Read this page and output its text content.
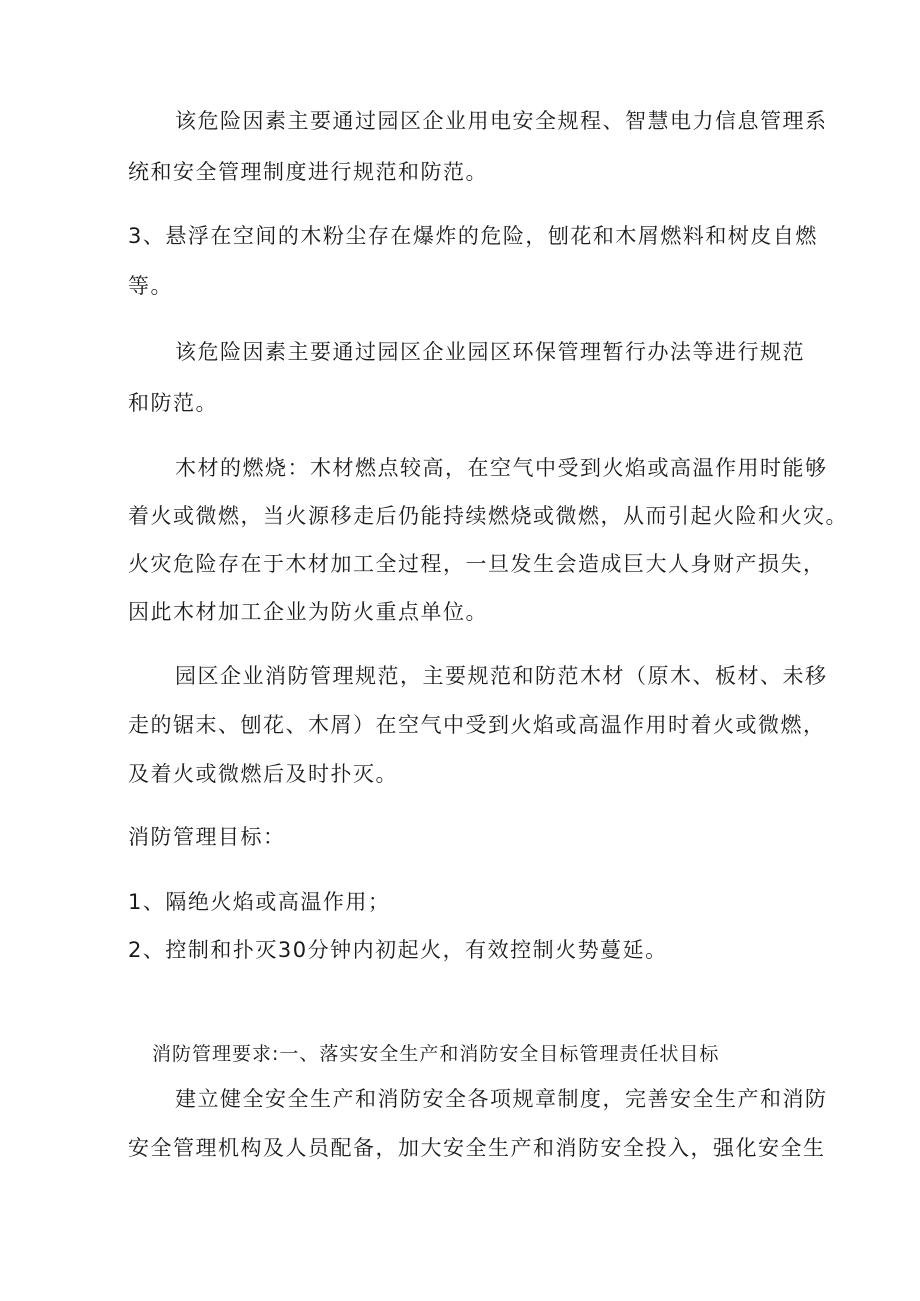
该危险因素主要通过园区企业用电安全规程、智慧电力信息管理系
统和安全管理制度进行规范和防范。
3、悬浮在空间的木粉尘存在爆炸的危险，刨花和木屑燃料和树皮自燃
等。
该危险因素主要通过园区企业园区环保管理暂行办法等进行规范
和防范。
木材的燃烧：木材燃点较高，在空气中受到火焰或高温作用时能够
着火或微燃，当火源移走后仍能持续燃烧或微燃，从而引起火险和火灾。
火灾危险存在于木材加工全过程，一旦发生会造成巨大人身财产损失，
因此木材加工企业为防火重点单位。
园区企业消防管理规范，主要规范和防范木材（原木、板材、未移
走的锯末、刨花、木屑）在空气中受到火焰或高温作用时着火或微燃，
及着火或微燃后及时扑灭。
消防管理目标：
1、隔绝火焰或高温作用；
2、控制和扑灭30分钟内初起火，有效控制火势蔓延。
消防管理要求:一、落实安全生产和消防安全目标管理责任状目标
建立健全安全生产和消防安全各项规章制度，完善安全生产和消防
安全管理机构及人员配备，加大安全生产和消防安全投入，强化安全生
